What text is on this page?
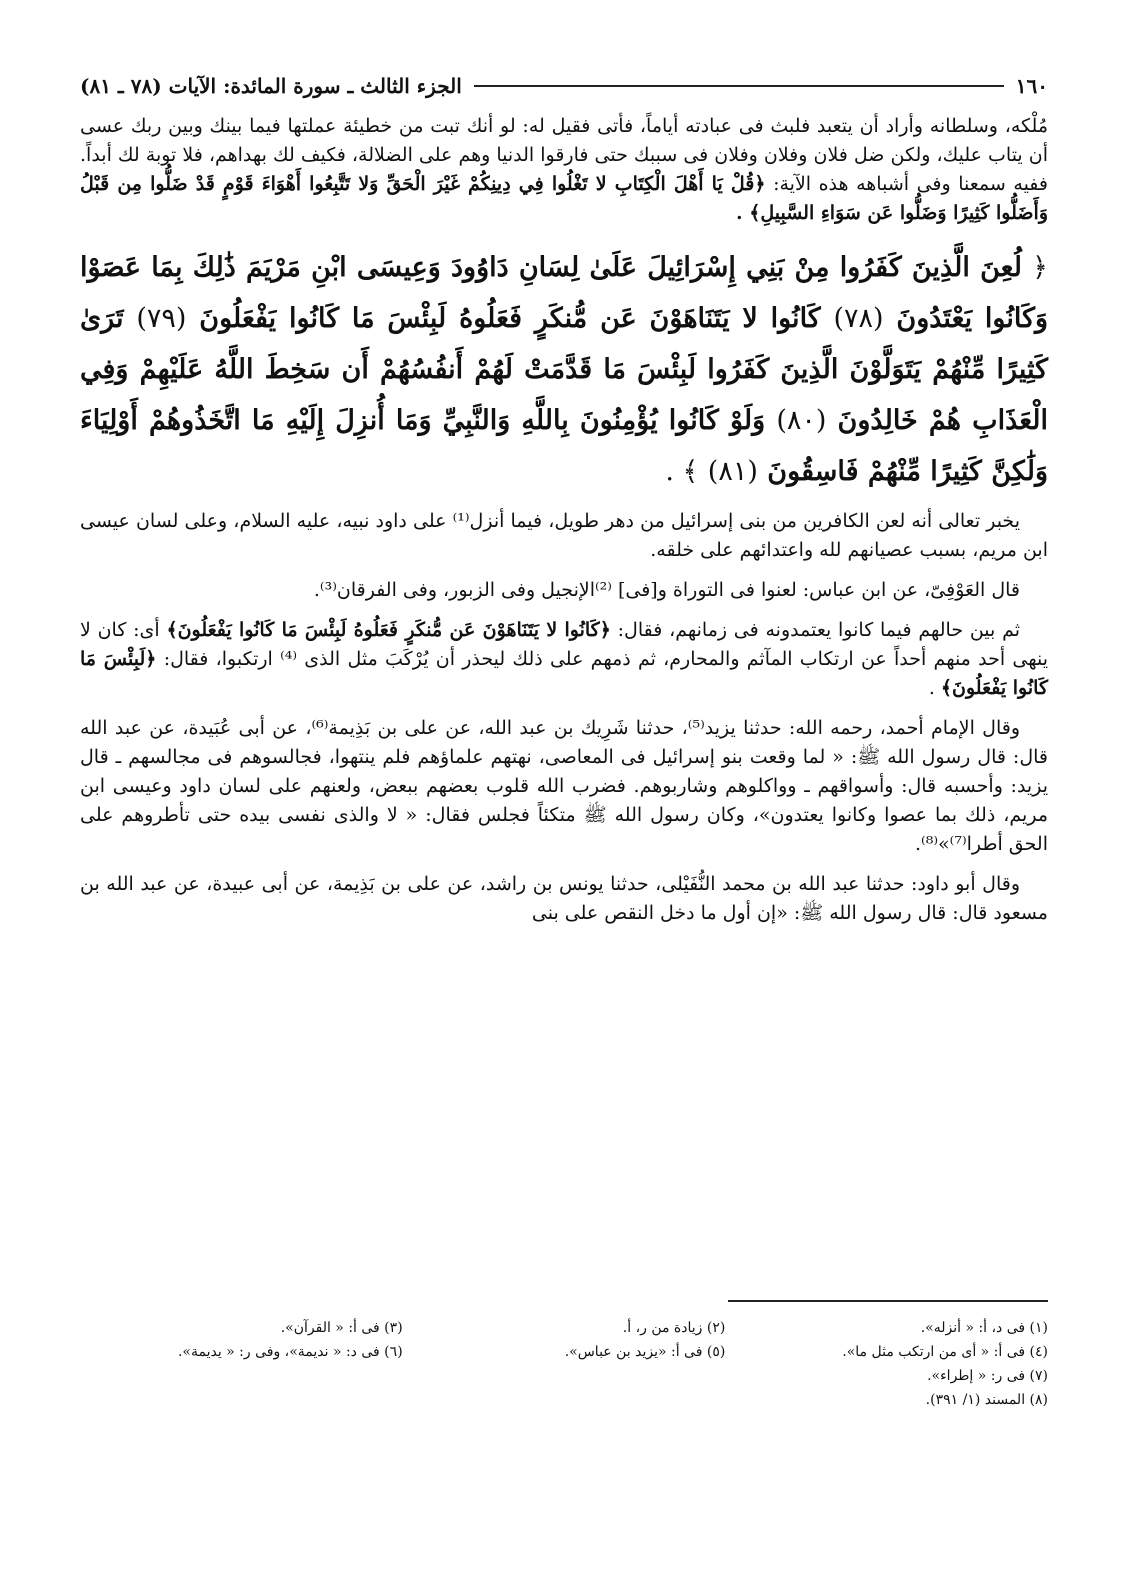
١٦٠
الجزء الثالث ـ سورة المائدة: الآيات (٧٨ ـ ٨١)

مُلْكه، وسلطانه وأراد أن يتعبد فلبث فى عبادته أياماً، فأتى فقيل له: لو أنك تبت من خطيئة عملتها فيما بينك وبين ربك عسى أن يتاب عليك، ولكن ضل فلان وفلان وفلان فى سببك حتى فارقوا الدنيا وهم على الضلالة، فكيف لك بهداهم، فلا توبة لك أبداً. ففيه سمعنا وفى أشباهه هذه الآية: ﴿قُلْ يَا أَهْلَ الْكِتَابِ لا تَغْلُوا فِي دِينِكُمْ غَيْرَ الْحَقِّ وَلا تَتَّبِعُوا أَهْوَاءَ قَوْمٍ قَدْ ضَلُّوا مِن قَبْلُ وَأَضَلُّوا كَثِيرًا وَضَلُّوا عَن سَوَاءِ السَّبِيلِ﴾ .

﴿ لُعِنَ الَّذِينَ كَفَرُوا مِنْ بَنِي إِسْرَائِيلَ عَلَىٰ لِسَانِ دَاوُودَ وَعِيسَى ابْنِ مَرْيَمَ ذَٰلِكَ بِمَا عَصَوْا وَكَانُوا يَعْتَدُونَ (٧٨) كَانُوا لا يَتَنَاهَوْنَ عَن مُّنكَرٍ فَعَلُوهُ لَبِئْسَ مَا كَانُوا يَفْعَلُونَ (٧٩) تَرَىٰ كَثِيرًا مِّنْهُمْ يَتَوَلَّوْنَ الَّذِينَ كَفَرُوا لَبِئْسَ مَا قَدَّمَتْ لَهُمْ أَنفُسُهُمْ أَن سَخِطَ اللَّهُ عَلَيْهِمْ وَفِي الْعَذَابِ هُمْ خَالِدُونَ (٨٠) وَلَوْ كَانُوا يُؤْمِنُونَ بِاللَّهِ وَالنَّبِيِّ وَمَا أُنزِلَ إِلَيْهِ مَا اتَّخَذُوهُمْ أَوْلِيَاءَ وَلَٰكِنَّ كَثِيرًا مِّنْهُمْ فَاسِقُونَ (٨١) ﴾ .

يخبر تعالى أنه لعن الكافرين من بنى إسرائيل من دهر طويل، فيما أنزل⁽¹⁾ على داود نبيه، عليه السلام، وعلى لسان عيسى ابن مريم، بسبب عصيانهم لله واعتدائهم على خلقه.

قال العَوْفِىّ، عن ابن عباس: لعنوا فى التوراة و[فى] ⁽²⁾الإنجيل وفى الزبور، وفى الفرقان⁽³⁾.

ثم بين حالهم فيما كانوا يعتمدونه فى زمانهم، فقال: ﴿كَانُوا لا يَتَنَاهَوْنَ عَن مُّنكَرٍ فَعَلُوهُ لَبِئْسَ مَا كَانُوا يَفْعَلُونَ﴾ أى: كان لا ينهى أحد منهم أحداً عن ارتكاب المآثم والمحارم، ثم ذمهم على ذلك ليحذر أن يُرْكَبَ مثل الذى ⁽⁴⁾ ارتكبوا، فقال: ﴿لَبِئْسَ مَا كَانُوا يَفْعَلُونَ﴾ .

وقال الإمام أحمد، رحمه الله: حدثنا يزيد⁽⁵⁾، حدثنا شَرِيك بن عبد الله، عن على بن بَذِيمة⁽⁶⁾، عن أبى عُبَيدة، عن عبد الله قال: قال رسول الله ﷺ: « لما وقعت بنو إسرائيل فى المعاصى، نهتهم علماؤهم فلم ينتهوا، فجالسوهم فى مجالسهم ـ قال يزيد: وأحسبه قال: وأسواقهم ـ وواكلوهم وشاربوهم. فضرب الله قلوب بعضهم ببعض، ولعنهم على لسان داود وعيسى ابن مريم، ذلك بما عصوا وكانوا يعتدون»، وكان رسول الله ﷺ متكئاً فجلس فقال: « لا والذى نفسى بيده حتى تأطروهم على الحق أطرا⁽⁷⁾»⁽⁸⁾.

وقال أبو داود: حدثنا عبد الله بن محمد النُّفَيْلى، حدثنا يونس بن راشد، عن على بن بَذِيمة، عن أبى عبيدة، عن عبد الله بن مسعود قال: قال رسول الله ﷺ: «إن أول ما دخل النقص على بنى

(١) فى د، أ: « أنزله».
(٢) زيادة من ر، أ.
(٣) فى أ: « القرآن».
(٤) فى أ: « أى من ارتكب مثل ما».
(٥) فى أ: «يزيد بن عباس».
(٦) فى د: « نديمة»، وفى ر: « يديمة».
(٧) فى ر: « إطراء».
(٨) المسند (١/ ٣٩١).
